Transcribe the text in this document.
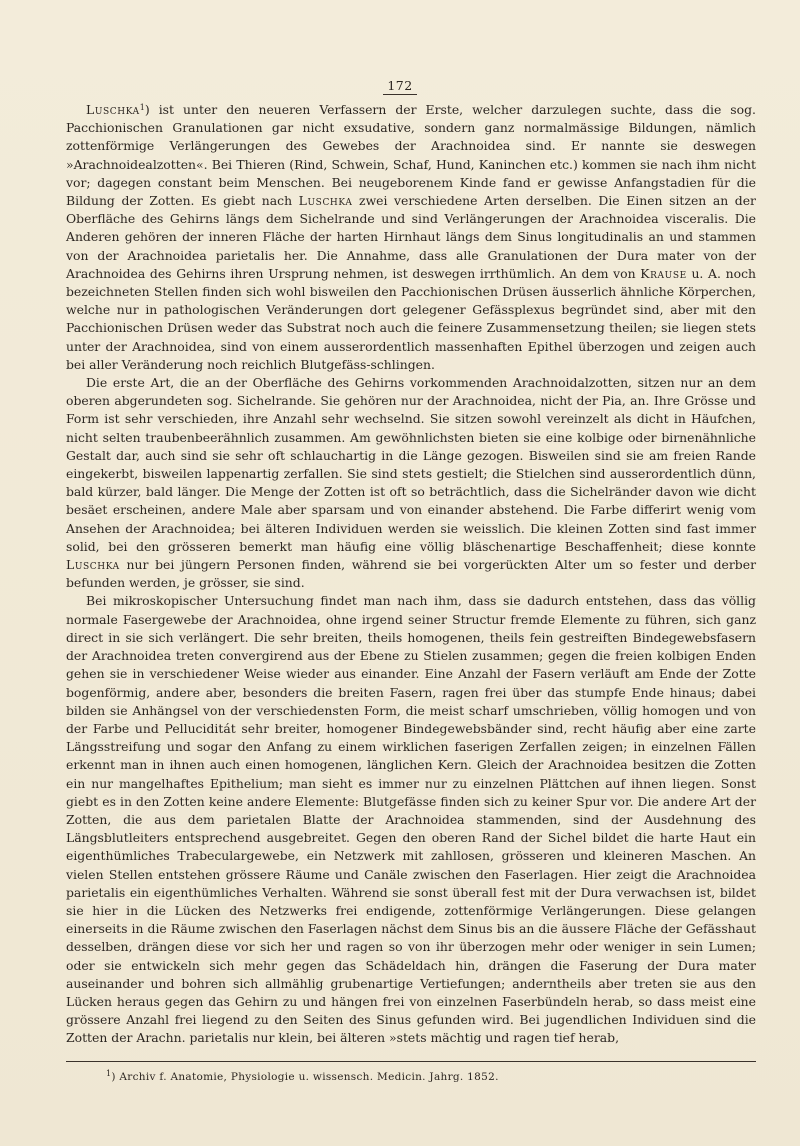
172

Luschka$^1$) ist unter den neueren Verfassern der Erste, welcher darzulegen suchte, dass die sog. Pacchionischen Granulationen gar nicht exsudative, sondern ganz normalmässige Bildungen, nämlich zottenförmige Verlängerungen des Gewebes der Arachnoidea sind. Er nannte sie deswegen »Arachnoidealzotten«. Bei Thieren (Rind, Schwein, Schaf, Hund, Kaninchen etc.) kommen sie nach ihm nicht vor; dagegen constant beim Menschen. Bei neugeborenem Kinde fand er gewisse Anfangstadien für die Bildung der Zotten. Es giebt nach Luschka zwei verschiedene Arten derselben. Die Einen sitzen an der Oberfläche des Gehirns längs dem Sichelrande und sind Verlängerungen der Arachnoidea visceralis. Die Anderen gehören der inneren Fläche der harten Hirnhaut längs dem Sinus longitudinalis an und stammen von der Arachnoidea parietalis her. Die Annahme, dass alle Granulationen der Dura mater von der Arachnoidea des Gehirns ihren Ursprung nehmen, ist deswegen irrthümlich. An dem von Krause u. A. noch bezeichneten Stellen finden sich wohl bisweilen den Pacchionischen Drüsen äusserlich ähnliche Körperchen, welche nur in pathologischen Veränderungen dort gelegener Gefässplexus begründet sind, aber mit den Pacchionischen Drüsen weder das Substrat noch auch die feinere Zusammensetzung theilen; sie liegen stets unter der Arachnoidea, sind von einem ausserordentlich massenhaften Epithel überzogen und zeigen auch bei aller Veränderung noch reichlich Blutgefäss-schlingen.

Die erste Art, die an der Oberfläche des Gehirns vorkommenden Arachnoidalzotten, sitzen nur an dem oberen abgerundeten sog. Sichelrande. Sie gehören nur der Arachnoidea, nicht der Pia, an. Ihre Grösse und Form ist sehr verschieden, ihre Anzahl sehr wechselnd. Sie sitzen sowohl vereinzelt als dicht in Häufchen, nicht selten traubenbeerähnlich zusammen. Am gewöhnlichsten bieten sie eine kolbige oder birnenähnliche Gestalt dar, auch sind sie sehr oft schlauchartig in die Länge gezogen. Bisweilen sind sie am freien Rande eingekerbt, bisweilen lappenartig zerfallen. Sie sind stets gestielt; die Stielchen sind ausserordentlich dünn, bald kürzer, bald länger. Die Menge der Zotten ist oft so beträchtlich, dass die Sichelränder davon wie dicht besäet erscheinen, andere Male aber sparsam und von einander abstehend. Die Farbe differirt wenig vom Ansehen der Arachnoidea; bei älteren Individuen werden sie weisslich. Die kleinen Zotten sind fast immer solid, bei den grösseren bemerkt man häufig eine völlig bläschenartige Beschaffenheit; diese konnte Luschka nur bei jüngern Personen finden, während sie bei vorgerückten Alter um so fester und derber befunden werden, je grösser, sie sind.

Bei mikroskopischer Untersuchung findet man nach ihm, dass sie dadurch entstehen, dass das völlig normale Fasergewebe der Arachnoidea, ohne irgend seiner Structur fremde Elemente zu führen, sich ganz direct in sie sich verlängert. Die sehr breiten, theils homogenen, theils fein gestreiften Bindegewebsfasern der Arachnoidea treten convergirend aus der Ebene zu Stielen zusammen; gegen die freien kolbigen Enden gehen sie in verschiedener Weise wieder aus einander. Eine Anzahl der Fasern verläuft am Ende der Zotte bogenförmig, andere aber, besonders die breiten Fasern, ragen frei über das stumpfe Ende hinaus; dabei bilden sie Anhängsel von der verschiedensten Form, die meist scharf umschrieben, völlig homogen und von der Farbe und Pelluciditát sehr breiter, homogener Bindegewebsbänder sind, recht häufig aber eine zarte Längsstreifung und sogar den Anfang zu einem wirklichen faserigen Zerfallen zeigen; in einzelnen Fällen erkennt man in ihnen auch einen homogenen, länglichen Kern. Gleich der Arachnoidea besitzen die Zotten ein nur mangelhaftes Epithelium; man sieht es immer nur zu einzelnen Plättchen auf ihnen liegen. Sonst giebt es in den Zotten keine andere Elemente: Blutgefässe finden sich zu keiner Spur vor. Die andere Art der Zotten, die aus dem parietalen Blatte der Arachnoidea stammenden, sind der Ausdehnung des Längsblutleiters entsprechend ausgebreitet. Gegen den oberen Rand der Sichel bildet die harte Haut ein eigenthümliches Trabeculargewebe, ein Netzwerk mit zahllosen, grösseren und kleineren Maschen. An vielen Stellen entstehen grössere Räume und Canäle zwischen den Faserlagen. Hier zeigt die Arachnoidea parietalis ein eigenthümliches Verhalten. Während sie sonst überall fest mit der Dura verwachsen ist, bildet sie hier in die Lücken des Netzwerks frei endigende, zottenförmige Verlängerungen. Diese gelangen einerseits in die Räume zwischen den Faserlagen nächst dem Sinus bis an die äussere Fläche der Gefässhaut desselben, drängen diese vor sich her und ragen so von ihr überzogen mehr oder weniger in sein Lumen; oder sie entwickeln sich mehr gegen das Schädeldach hin, drängen die Faserung der Dura mater auseinander und bohren sich allmählig grubenartige Vertiefungen; anderntheils aber treten sie aus den Lücken heraus gegen das Gehirn zu und hängen frei von einzelnen Faserbündeln herab, so dass meist eine grössere Anzahl frei liegend zu den Seiten des Sinus gefunden wird. Bei jugendlichen Individuen sind die Zotten der Arachn. parietalis nur klein, bei älteren »stets mächtig und ragen tief herab,

$^1$) Archiv f. Anatomie, Physiologie u. wissensch. Medicin. Jahrg. 1852.
